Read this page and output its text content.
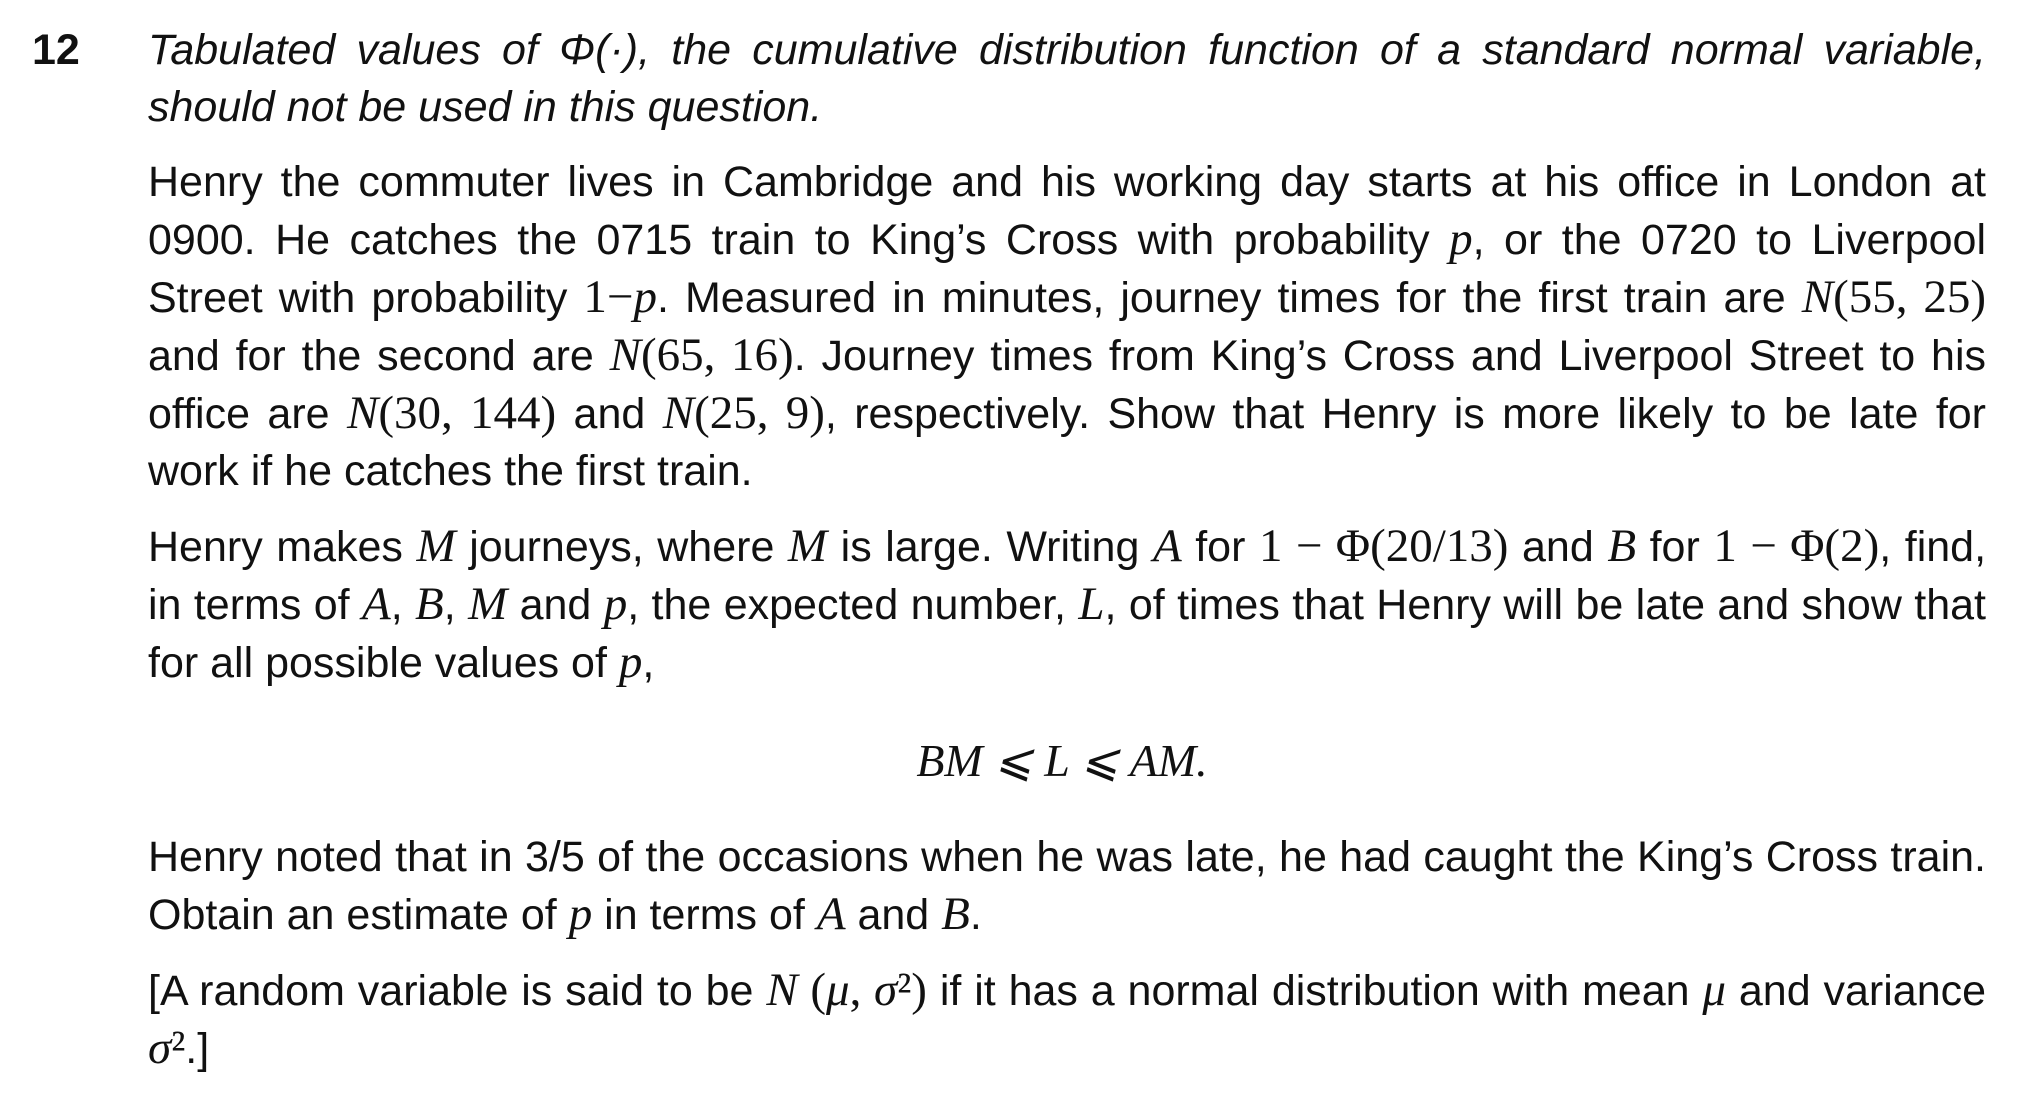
12 Tabulated values of Φ(·), the cumulative distribution function of a standard normal variable, should not be used in this question.

Henry the commuter lives in Cambridge and his working day starts at his office in London at 0900. He catches the 0715 train to King’s Cross with probability p, or the 0720 to Liverpool Street with probability 1−p. Measured in minutes, journey times for the first train are N(55, 25) and for the second are N(65, 16). Journey times from King’s Cross and Liverpool Street to his office are N(30, 144) and N(25, 9), respectively. Show that Henry is more likely to be late for work if he catches the first train.

Henry makes M journeys, where M is large. Writing A for 1 − Φ(20/13) and B for 1 − Φ(2), find, in terms of A, B, M and p, the expected number, L, of times that Henry will be late and show that for all possible values of p,

BM ⩽ L ⩽ AM.

Henry noted that in 3/5 of the occasions when he was late, he had caught the King’s Cross train. Obtain an estimate of p in terms of A and B.

[A random variable is said to be N (μ, σ²) if it has a normal distribution with mean μ and variance σ².]
